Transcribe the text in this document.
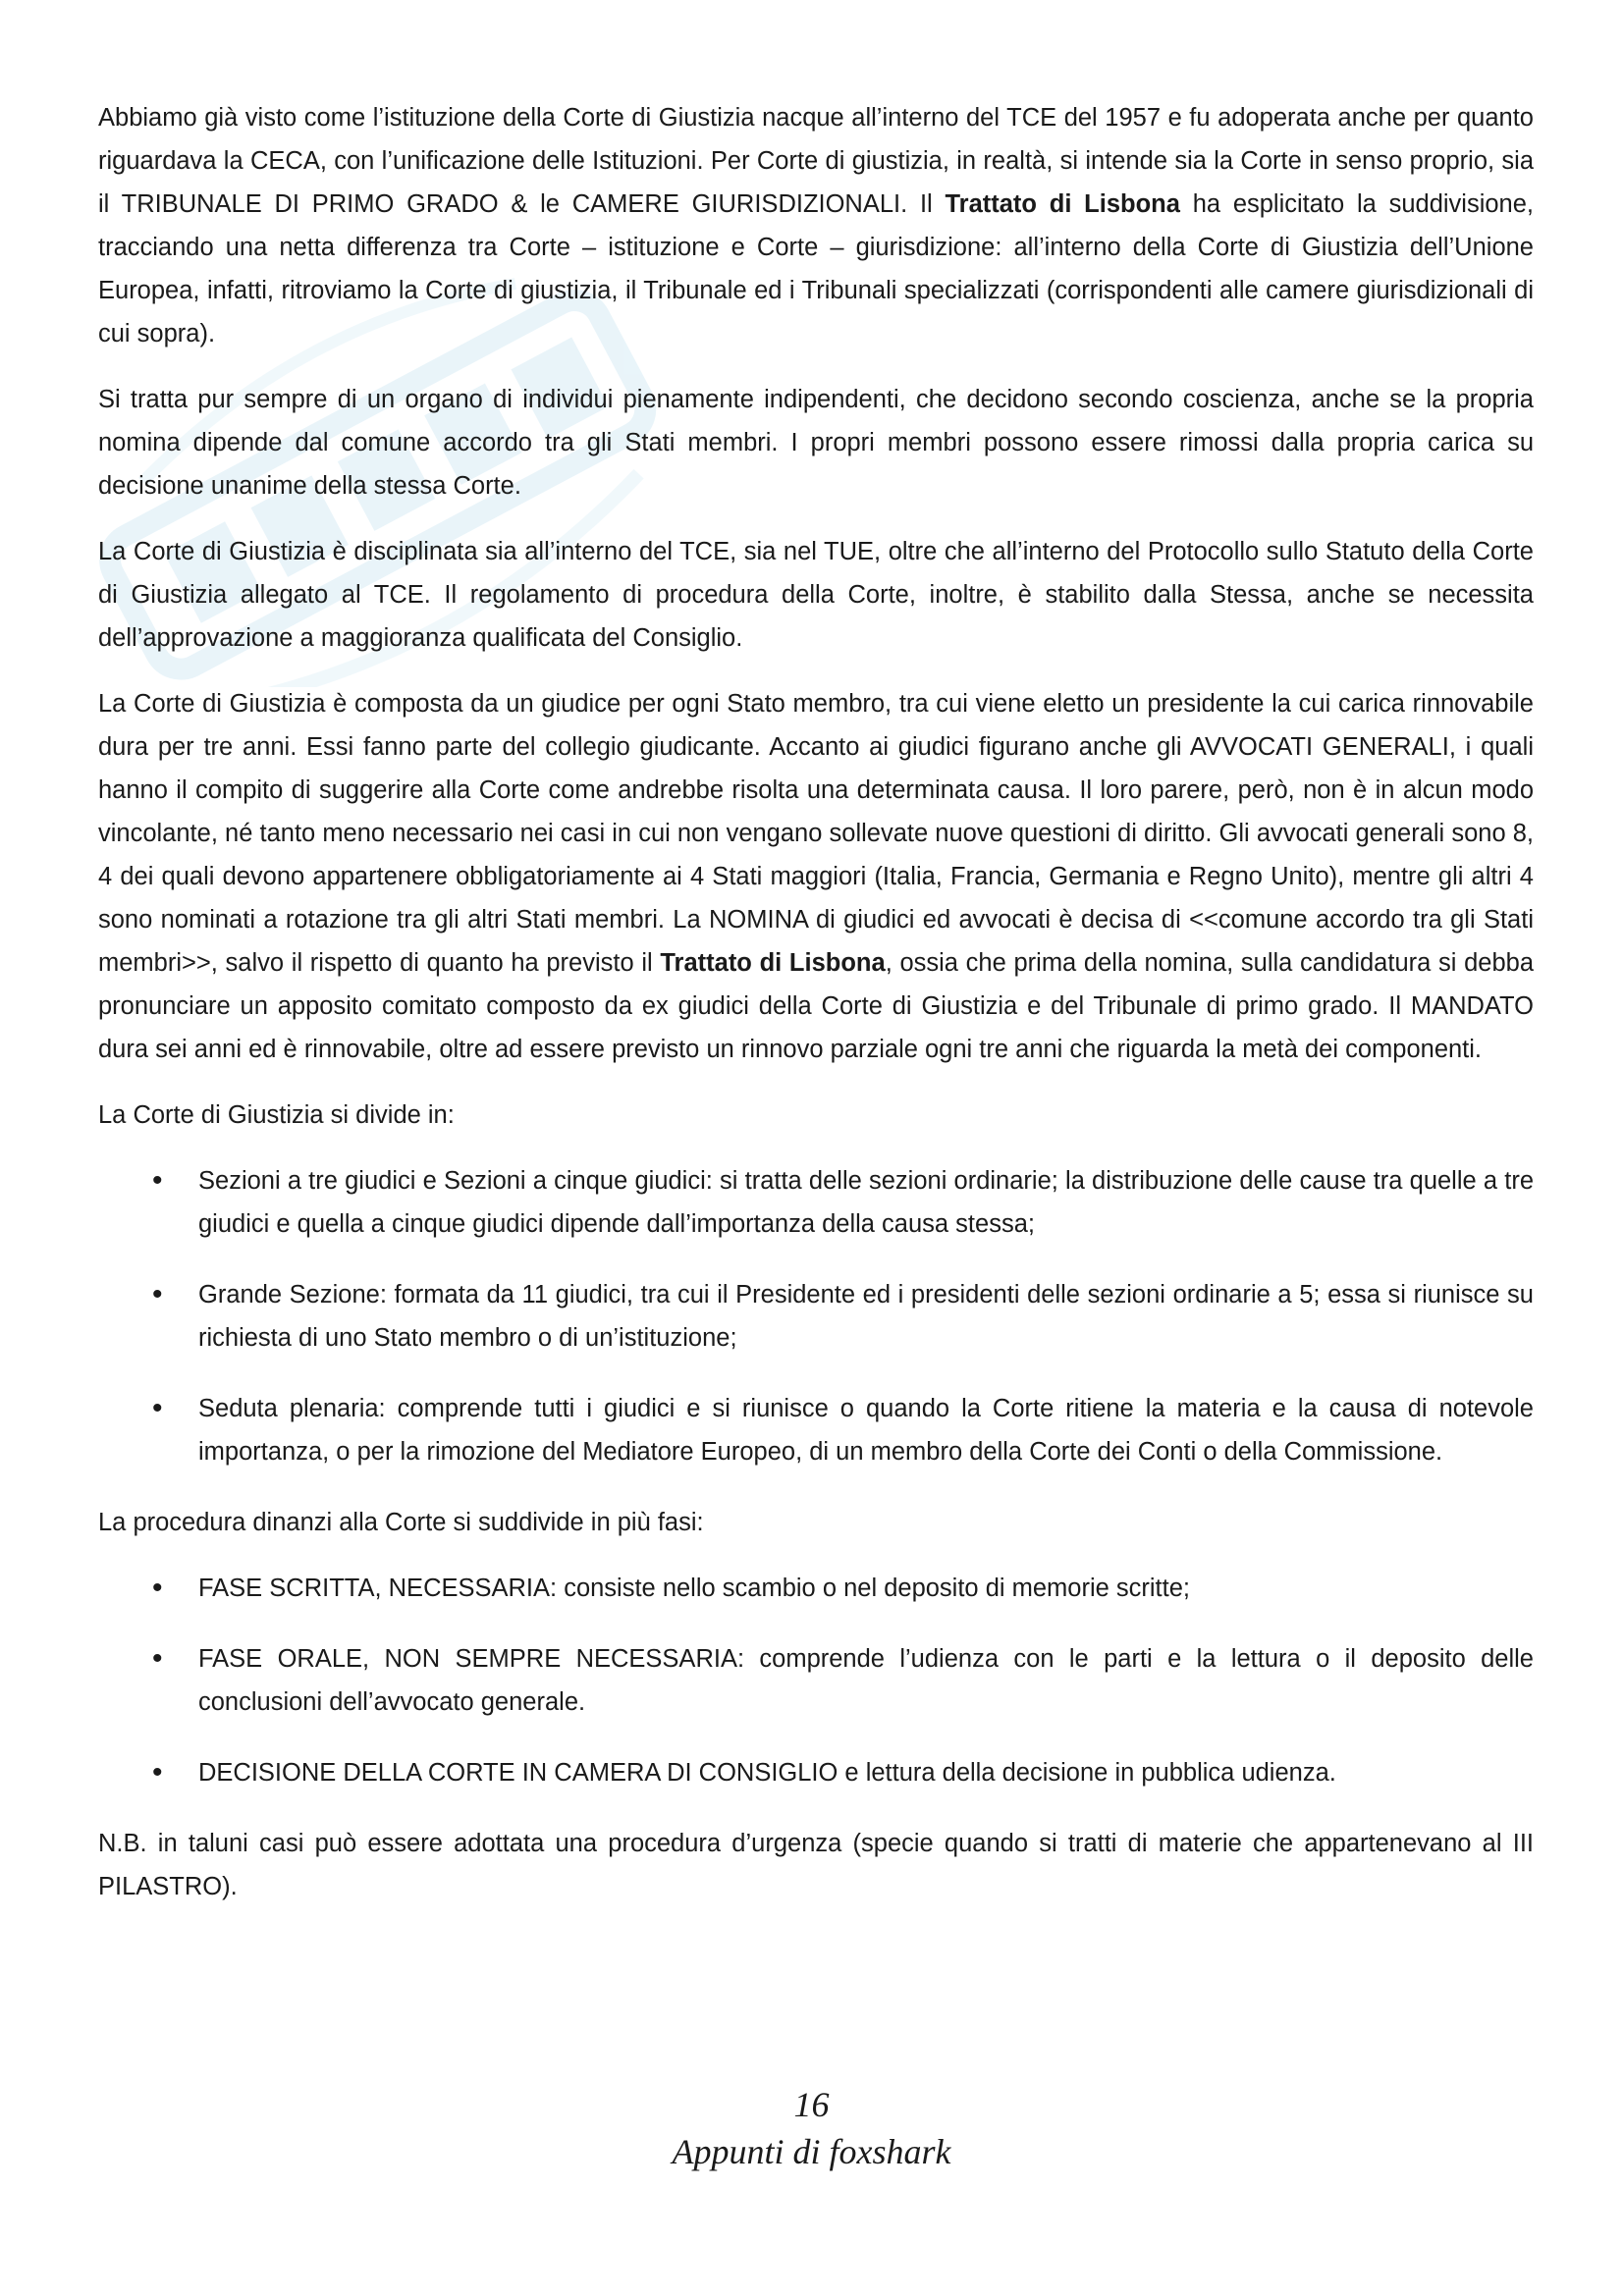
Abbiamo già visto come l’istituzione della Corte di Giustizia nacque all’interno del TCE del 1957 e fu adoperata anche per quanto riguardava la CECA, con l’unificazione delle Istituzioni. Per Corte di giustizia, in realtà, si intende sia la Corte in senso proprio, sia il TRIBUNALE DI PRIMO GRADO & le CAMERE GIURISDIZIONALI. Il Trattato di Lisbona ha esplicitato la suddivisione, tracciando una netta differenza tra Corte – istituzione e Corte – giurisdizione: all’interno della Corte di Giustizia dell’Unione Europea, infatti, ritroviamo la Corte di giustizia, il Tribunale ed i Tribunali specializzati (corrispondenti alle camere giurisdizionali di cui sopra).

Si tratta pur sempre di un organo di individui pienamente indipendenti, che decidono secondo coscienza, anche se la propria nomina dipende dal comune accordo tra gli Stati membri. I propri membri possono essere rimossi dalla propria carica su decisione unanime della stessa Corte.

La Corte di Giustizia è disciplinata sia all’interno del TCE, sia nel TUE, oltre che all’interno del Protocollo sullo Statuto della Corte di Giustizia allegato al TCE. Il regolamento di procedura della Corte, inoltre, è stabilito dalla Stessa, anche se necessita dell’approvazione a maggioranza qualificata del Consiglio.

La Corte di Giustizia è composta da un giudice per ogni Stato membro, tra cui viene eletto un presidente la cui carica rinnovabile dura per tre anni. Essi fanno parte del collegio giudicante. Accanto ai giudici figurano anche gli AVVOCATI GENERALI, i quali hanno il compito di suggerire alla Corte come andrebbe risolta una determinata causa. Il loro parere, però, non è in alcun modo vincolante, né tanto meno necessario nei casi in cui non vengano sollevate nuove questioni di diritto. Gli avvocati generali sono 8, 4 dei quali devono appartenere obbligatoriamente ai 4 Stati maggiori (Italia, Francia, Germania e Regno Unito), mentre gli altri 4 sono nominati a rotazione tra gli altri Stati membri. La NOMINA di giudici ed avvocati è decisa di <<comune accordo tra gli Stati membri>>, salvo il rispetto di quanto ha previsto il Trattato di Lisbona, ossia che prima della nomina, sulla candidatura si debba pronunciare un apposito comitato composto da ex giudici della Corte di Giustizia e del Tribunale di primo grado. Il MANDATO dura sei anni ed è rinnovabile, oltre ad essere previsto un rinnovo parziale ogni tre anni che riguarda la metà dei componenti.

La Corte di Giustizia si divide in:

• Sezioni a tre giudici e Sezioni a cinque giudici: si tratta delle sezioni ordinarie; la distribuzione delle cause tra quelle a tre giudici e quella a cinque giudici dipende dall’importanza della causa stessa;
• Grande Sezione: formata da 11 giudici, tra cui il Presidente ed i presidenti delle sezioni ordinarie a 5; essa si riunisce su richiesta di uno Stato membro o di un’istituzione;
• Seduta plenaria: comprende tutti i giudici e si riunisce o quando la Corte ritiene la materia e la causa di notevole importanza, o per la rimozione del Mediatore Europeo, di un membro della Corte dei Conti o della Commissione.

La procedura dinanzi alla Corte si suddivide in più fasi:

• FASE SCRITTA, NECESSARIA: consiste nello scambio o nel deposito di memorie scritte;
• FASE ORALE, NON SEMPRE NECESSARIA: comprende l’udienza con le parti e la lettura o il deposito delle conclusioni dell’avvocato generale.
• DECISIONE DELLA CORTE IN CAMERA DI CONSIGLIO e lettura della decisione in pubblica udienza.

N.B. in taluni casi può essere adottata una procedura d’urgenza (specie quando si tratti di materie che appartenevano al III PILASTRO).

16
Appunti di foxshark
